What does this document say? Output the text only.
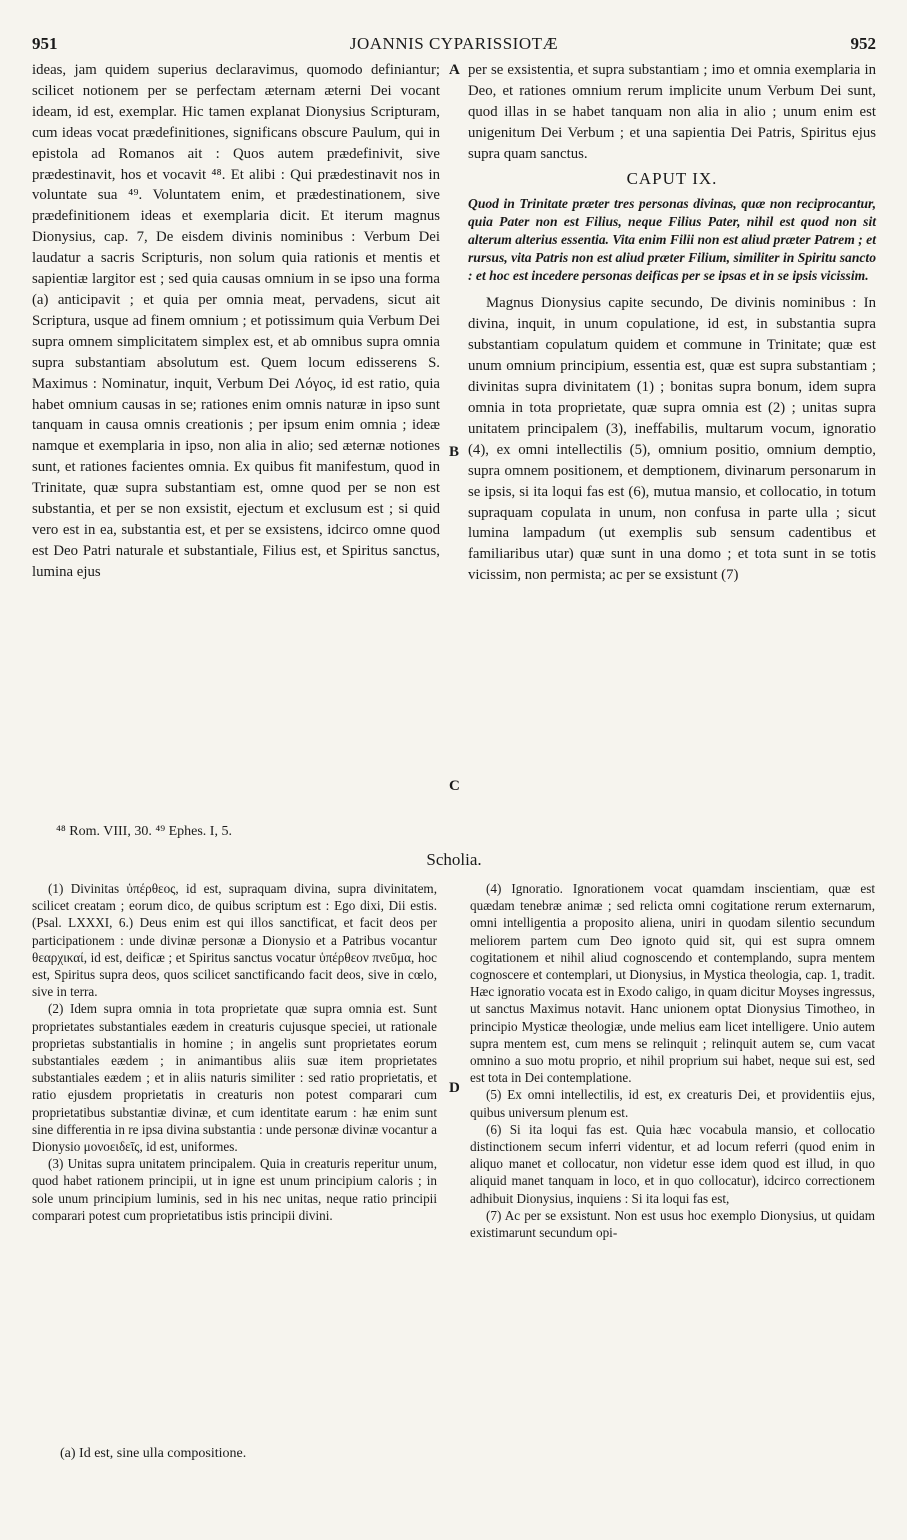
951	JOANNIS CYPARISSIOTÆ	952

ideas, jam quidem superius declaravimus, quomodo definiantur; scilicet notionem per se perfectam æternam æterni Dei vocant ideam, id est, exemplar. Hic tamen explanat Dionysius Scripturam, cum ideas vocat prædefinitiones, significans obscure Paulum, qui in epistola ad Romanos ait : Quos autem prædefinivit, sive prædestinavit, hos et vocavit ⁴⁸. Et alibi : Qui prædestinavit nos in voluntate sua ⁴⁹. Voluntatem enim, et prædestinationem, sive prædefinitionem ideas et exemplaria dicit. Et iterum magnus Dionysius, cap. 7, De eisdem divinis nominibus : Verbum Dei laudatur a sacris Scripturis, non solum quia rationis et mentis et sapientiæ largitor est ; sed quia causas omnium in se ipso una forma (a) anticipavit ; et quia per omnia meat, pervadens, sicut ait Scriptura, usque ad finem omnium ; et potissimum quia Verbum Dei supra omnem simplicitatem simplex est, et ab omnibus supra omnia supra substantiam absolutum est. Quem locum edisserens S. Maximus : Nominatur, inquit, Verbum Dei Λόγος, id est ratio, quia habet omnium causas in se; rationes enim omnis naturæ in ipso sunt tanquam in causa omnis creationis ; per ipsum enim omnia ; ideæ namque et exemplaria in ipso, non alia in alio; sed æternæ notiones sunt, et rationes facientes omnia. Ex quibus fit manifestum, quod in Trinitate, quæ supra substantiam est, omne quod per se non est substantia, et per se non exsistit, ejectum et exclusum est ; si quid vero est in ea, substantia est, et per se exsistens, idcirco omne quod est Deo Patri naturale et substantiale, Filius est, et Spiritus sanctus, lumina ejus

A
B
C

per se exsistentia, et supra substantiam ; imo et omnia exemplaria in Deo, et rationes omnium rerum implicite unum Verbum Dei sunt, quod illas in se habet tanquam non alia in alio ; unum enim est unigenitum Dei Verbum ; et una sapientia Dei Patris, Spiritus ejus supra quam sanctus.

CAPUT IX.
Quod in Trinitate præter tres personas divinas, quæ non reciprocantur, quia Pater non est Filius, neque Filius Pater, nihil est quod non sit alterum alterius essentia. Vita enim Filii non est aliud præter Patrem ; et rursus, vita Patris non est aliud præter Filium, similiter in Spiritu sancto : et hoc est incedere personas deificas per se ipsas et in se ipsis vicissim.

Magnus Dionysius capite secundo, De divinis nominibus : In divina, inquit, in unum copulatione, id est, in substantia supra substantiam copulatum quidem et commune in Trinitate; quæ est unum omnium principium, essentia est, quæ est supra substantiam ; divinitas supra divinitatem (1) ; bonitas supra bonum, idem supra omnia in tota proprietate, quæ supra omnia est (2) ; unitas supra unitatem principalem (3), ineffabilis, multarum vocum, ignoratio (4), ex omni intellectilis (5), omnium positio, omnium demptio, supra omnem positionem, et demptionem, divinarum personarum in se ipsis, si ita loqui fas est (6), mutua mansio, et collocatio, in totum supraquam copulata in unum, non confusa in parte ulla ; sicut lumina lampadum (ut exemplis sub sensum cadentibus et familiaribus utar) quæ sunt in una domo ; et tota sunt in se totis vicissim, non permista; ac per se exsistunt (7)

⁴⁸ Rom. VIII, 30. ⁴⁹ Ephes. I, 5.
Scholia.

(1) Divinitas ὑπέρθεος, id est, supraquam divina, supra divinitatem, scilicet creatam ; eorum dico, de quibus scriptum est : Ego dixi, Dii estis. (Psal. LXXXI, 6.) Deus enim est qui illos sanctificat, et facit deos per participationem : unde divinæ personæ a Dionysio et a Patribus vocantur θεαρχικαί, id est, deificæ ; et Spiritus sanctus vocatur ὑπέρθεον πνεῦμα, hoc est, Spiritus supra deos, quos scilicet sanctificando facit deos, sive in cœlo, sive in terra.

(2) Idem supra omnia in tota proprietate quæ supra omnia est. Sunt proprietates substantiales eædem in creaturis cujusque speciei, ut rationale proprietas substantialis in homine ; in angelis sunt proprietates eorum substantiales eædem ; in animantibus aliis suæ item proprietates substantiales eædem ; et in aliis naturis similiter : sed ratio proprietatis, et ratio ejusdem proprietatis in creaturis non potest comparari cum proprietatibus substantiæ divinæ, et cum identitate earum : hæ enim sunt sine differentia in re ipsa divina substantia : unde personæ divinæ vocantur a Dionysio μονοειδεῖς, id est, uniformes.

(3) Unitas supra unitatem principalem. Quia in creaturis reperitur unum, quod habet rationem principii, ut in igne est unum principium caloris ; in sole unum principium luminis, sed in his nec unitas, neque ratio principii comparari potest cum proprietatibus istis principii divini.

D

(4) Ignoratio. Ignorationem vocat quamdam inscientiam, quæ est quædam tenebræ animæ ; sed relicta omni cogitatione rerum externarum, omni intelligentia a proposito aliena, uniri in quodam silentio secundum meliorem partem cum Deo ignoto quid sit, qui est supra omnem cogitationem et nihil aliud cognoscendo et contemplando, supra mentem cognoscere et contemplari, ut Dionysius, in Mystica theologia, cap. 1, tradit. Hæc ignoratio vocata est in Exodo caligo, in quam dicitur Moyses ingressus, ut sanctus Maximus notavit. Hanc unionem optat Dionysius Timotheo, in principio Mysticæ theologiæ, unde melius eam licet intelligere. Unio autem supra mentem est, cum mens se relinquit ; relinquit autem se, cum vacat omnino a suo motu proprio, et nihil proprium sui habet, neque sui est, sed est tota in Dei contemplatione.

(5) Ex omni intellectilis, id est, ex creaturis Dei, et providentiis ejus, quibus universum plenum est.

(6) Si ita loqui fas est. Quia hæc vocabula mansio, et collocatio distinctionem secum inferri videntur, et ad locum referri (quod enim in aliquo manet et collocatur, non videtur esse idem quod est illud, in quo aliquid manet tanquam in loco, et in quo collocatur), idcirco correctionem adhibuit Dionysius, inquiens : Si ita loqui fas est,

(7) Ac per se exsistunt. Non est usus hoc exemplo Dionysius, ut quidam existimarunt secundum opi-

(a) Id est, sine ulla compositione.
